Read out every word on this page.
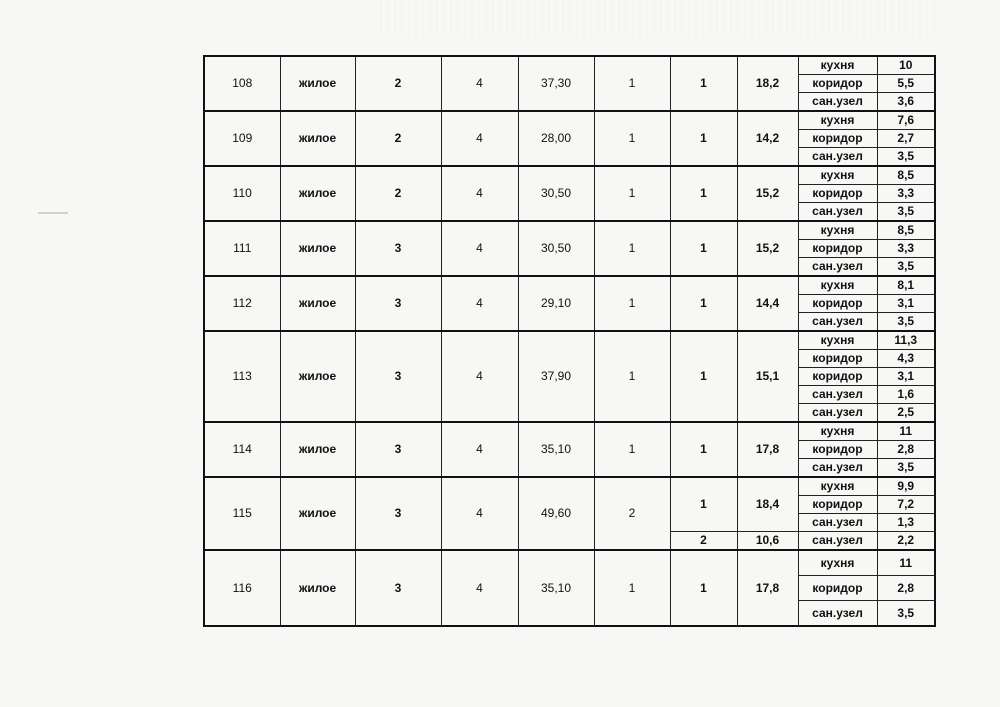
108	жилое	2	4	37,30	1	1	18,2	кухня	10
								коридор	5,5
								сан.узел	3,6
109	жилое	2	4	28,00	1	1	14,2	кухня	7,6
								коридор	2,7
								сан.узел	3,5
110	жилое	2	4	30,50	1	1	15,2	кухня	8,5
								коридор	3,3
								сан.узел	3,5
111	жилое	3	4	30,50	1	1	15,2	кухня	8,5
								коридор	3,3
								сан.узел	3,5
112	жилое	3	4	29,10	1	1	14,4	кухня	8,1
								коридор	3,1
								сан.узел	3,5
113	жилое	3	4	37,90	1	1	15,1	кухня	11,3
								коридор	4,3
								коридор	3,1
								сан.узел	1,6
								сан.узел	2,5
114	жилое	3	4	35,10	1	1	17,8	кухня	11
								коридор	2,8
								сан.узел	3,5
115	жилое	3	4	49,60	2	1	18,4	кухня	9,9
								коридор	7,2
								сан.узел	1,3
						2	10,6	сан.узел	2,2
116	жилое	3	4	35,10	1	1	17,8	кухня	11
								коридор	2,8
								сан.узел	3,5
